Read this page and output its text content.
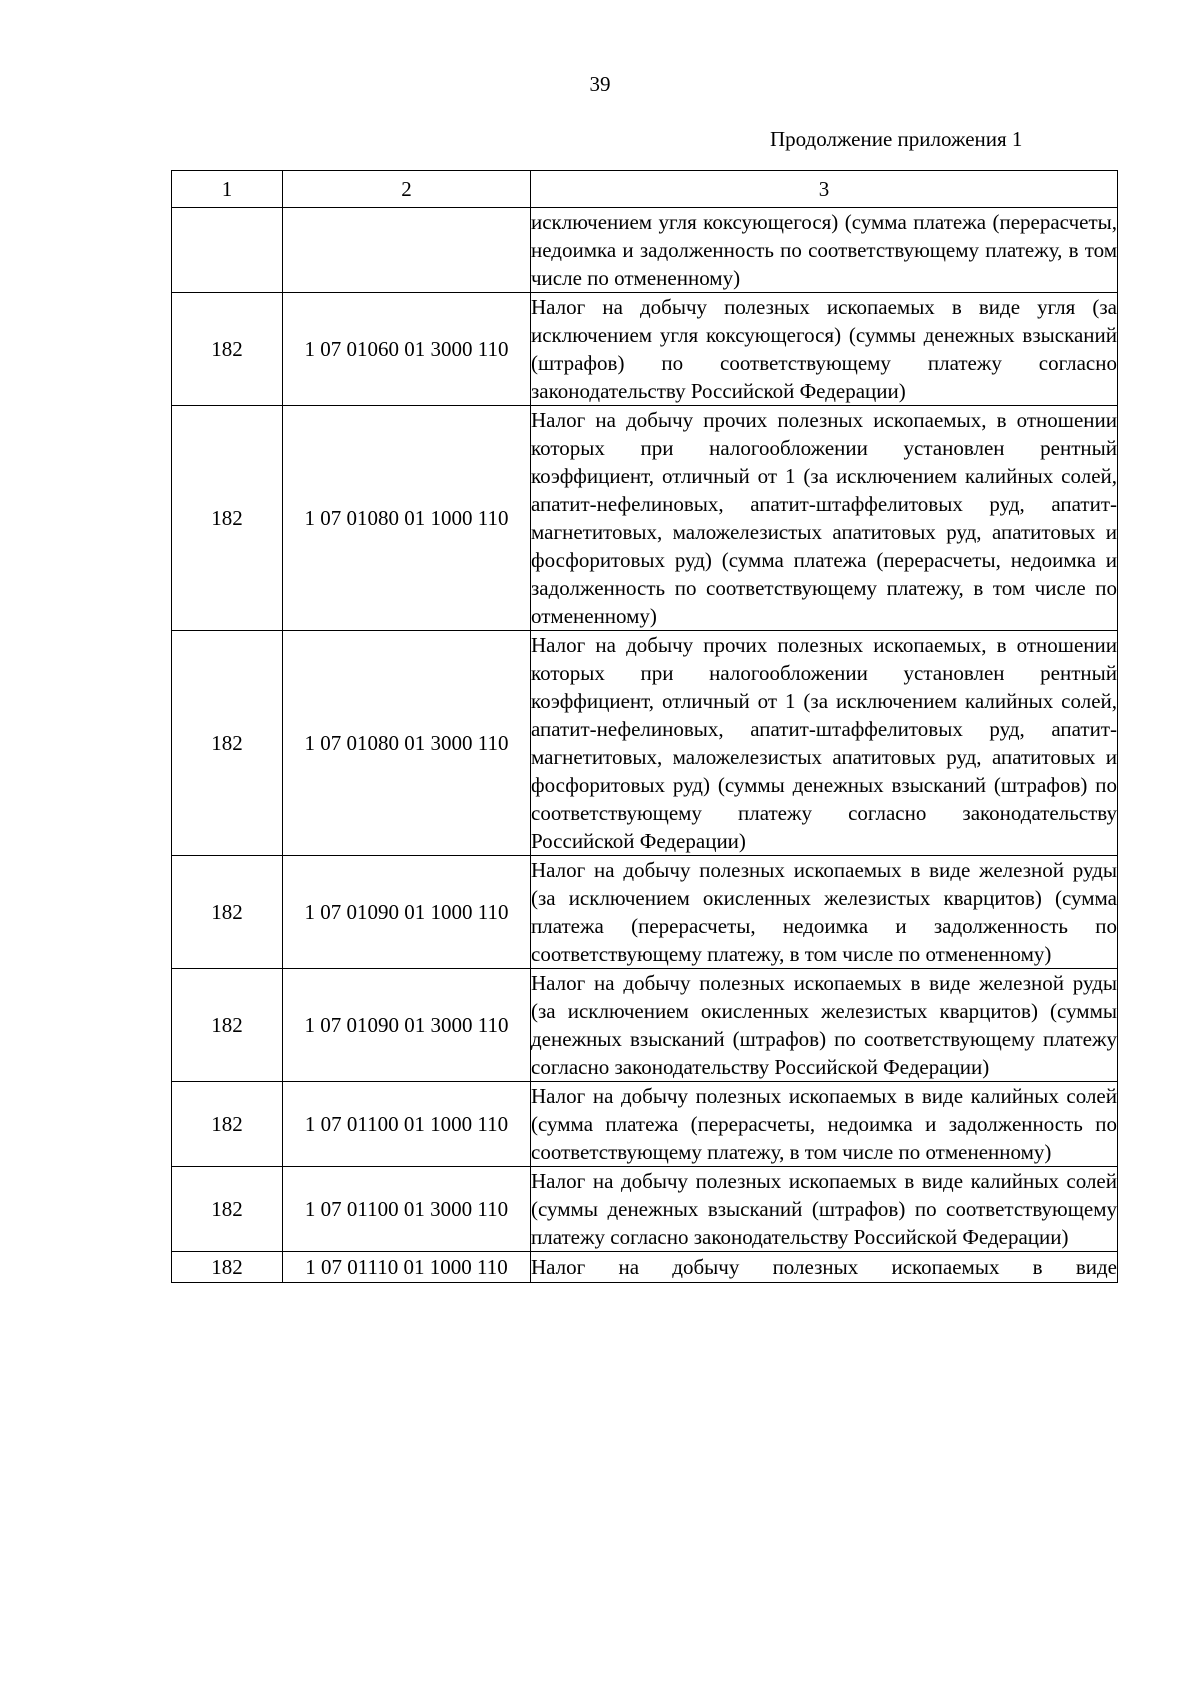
39
Продолжение приложения 1
1	2	3
		исключением угля коксующегося) (сумма платежа (перерасчеты, недоимка и задолженность по соответствующему платежу, в том числе по отмененному)
182	1 07 01060 01 3000 110	Налог на добычу полезных ископаемых в виде угля (за исключением угля коксующегося) (суммы денежных взысканий (штрафов) по соответствующему платежу согласно законодательству Российской Федерации)
182	1 07 01080 01 1000 110	Налог на добычу прочих полезных ископаемых, в отношении которых при налогообложении установлен рентный коэффициент, отличный от 1 (за исключением калийных солей, апатит-нефелиновых, апатит-штаффелитовых руд, апатит-магнетитовых, маложелезистых апатитовых руд, апатитовых и фосфоритовых руд) (сумма платежа (перерасчеты, недоимка и задолженность по соответствующему платежу, в том числе по отмененному)
182	1 07 01080 01 3000 110	Налог на добычу прочих полезных ископаемых, в отношении которых при налогообложении установлен рентный коэффициент, отличный от 1 (за исключением калийных солей, апатит-нефелиновых, апатит-штаффелитовых руд, апатит-магнетитовых, маложелезистых апатитовых руд, апатитовых и фосфоритовых руд) (суммы денежных взысканий (штрафов) по соответствующему платежу согласно законодательству Российской Федерации)
182	1 07 01090 01 1000 110	Налог на добычу полезных ископаемых в виде железной руды (за исключением окисленных железистых кварцитов) (сумма платежа (перерасчеты, недоимка и задолженность по соответствующему платежу, в том числе по отмененному)
182	1 07 01090 01 3000 110	Налог на добычу полезных ископаемых в виде железной руды (за исключением окисленных железистых кварцитов) (суммы денежных взысканий (штрафов) по соответствующему платежу согласно законодательству Российской Федерации)
182	1 07 01100 01 1000 110	Налог на добычу полезных ископаемых в виде калийных солей (сумма платежа (перерасчеты, недоимка и задолженность по соответствующему платежу, в том числе по отмененному)
182	1 07 01100 01 3000 110	Налог на добычу полезных ископаемых в виде калийных солей (суммы денежных взысканий (штрафов) по соответствующему платежу согласно законодательству Российской Федерации)
182	1 07 01110 01 1000 110	Налог на добычу полезных ископаемых в виде
